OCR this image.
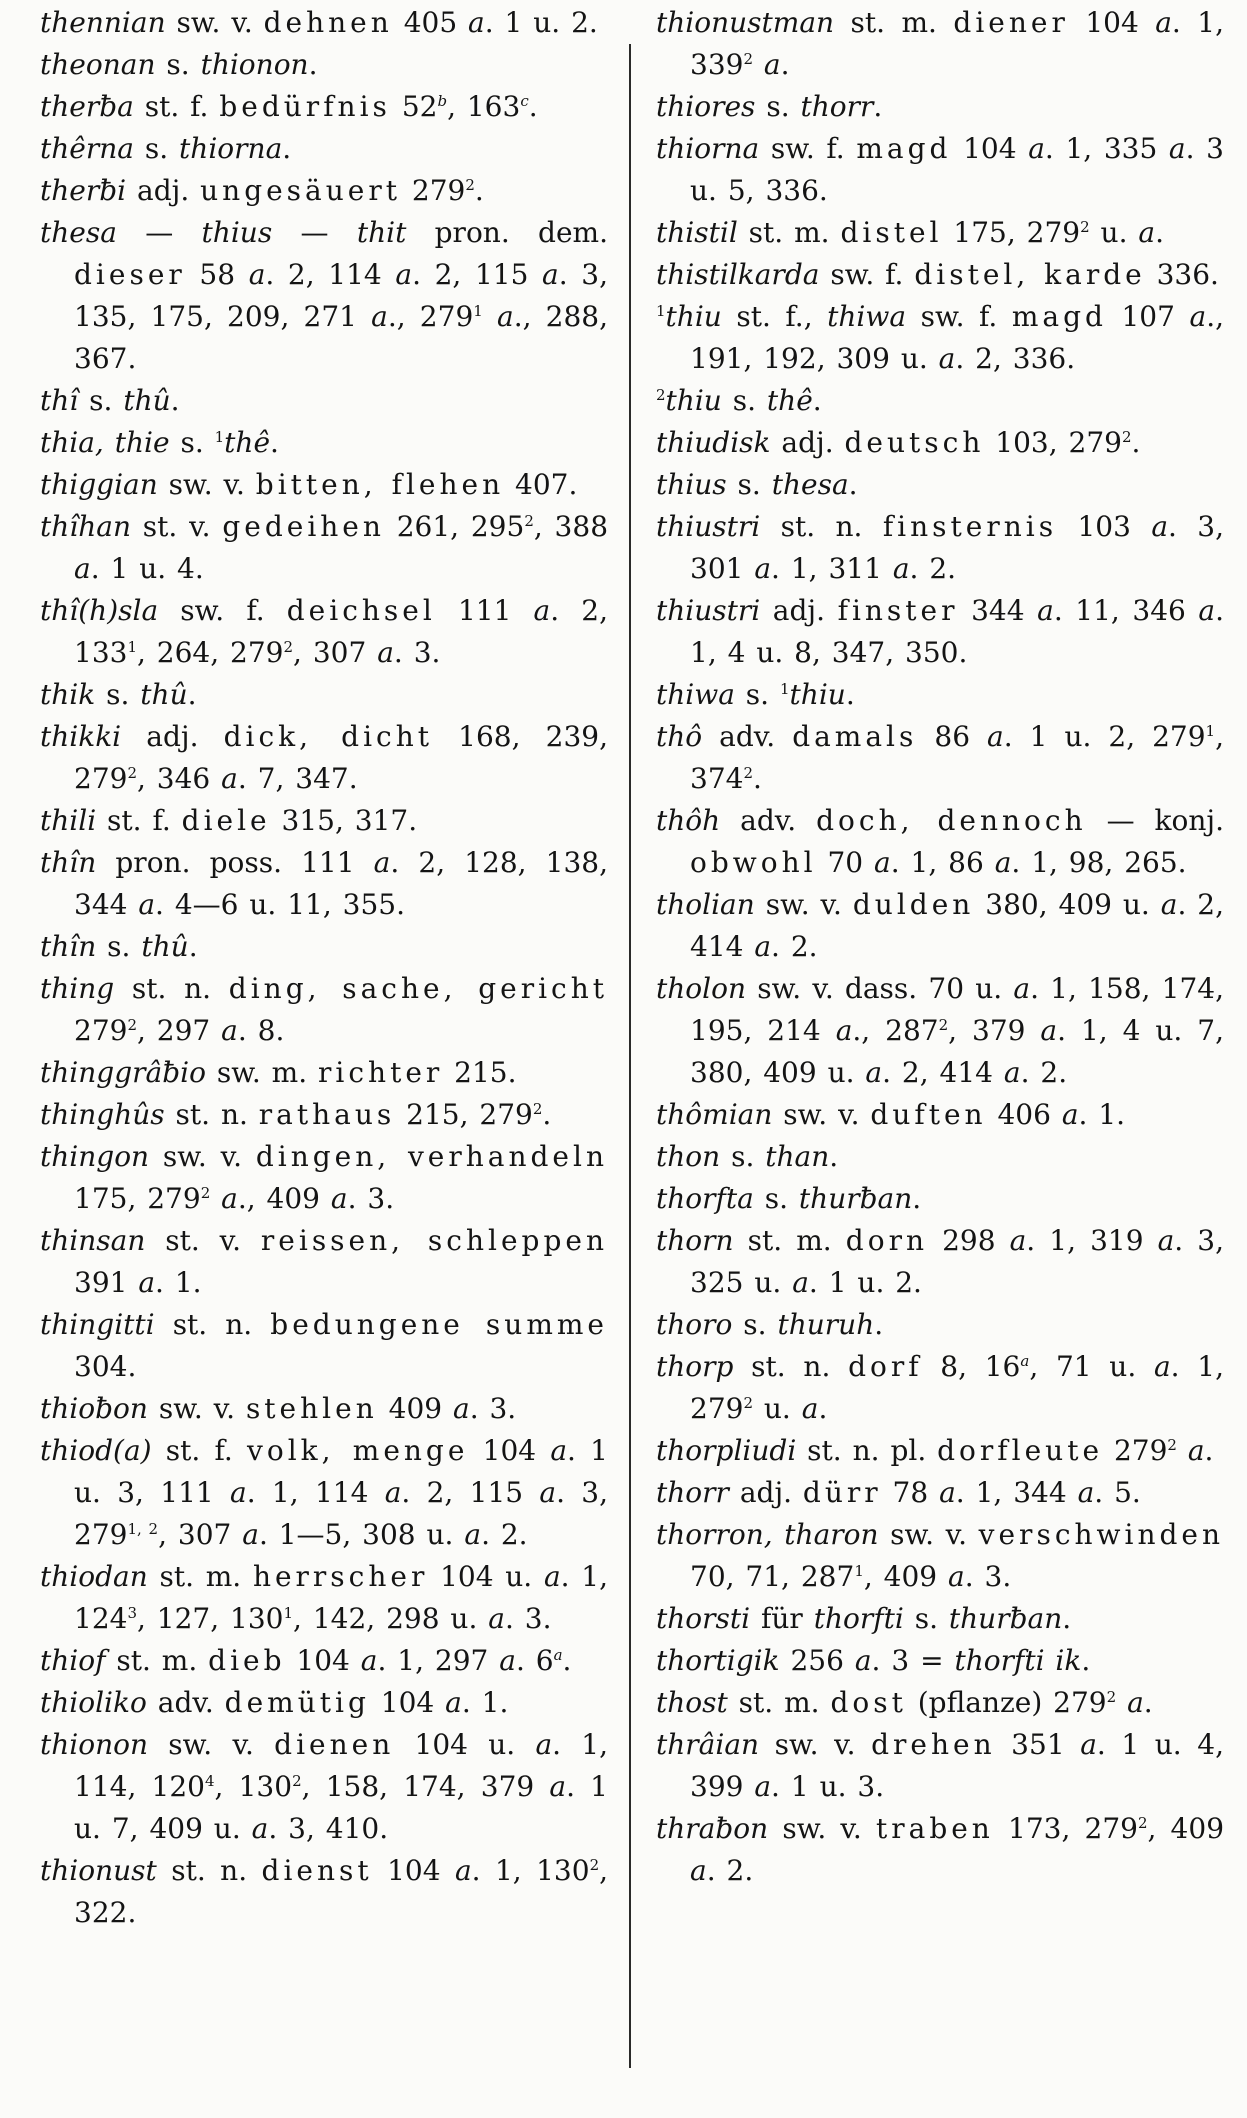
thennian sw. v. dehnen 405 a. 1 u. 2.

theonan s. thionon.

therƀa st. f. bedürfnis 52$^b$, 163$^c$.

thêrna s. thiorna.

therƀi adj. ungesäuert $279^2$.

thesa — thius — thit pron. dem. dieser 58 a. 2, 114 a. 2, 115 a. 3, 135, 175, 209, 271 a., $279^1$ a., 288, 367.

thî s. thû.

thia, thie s. $^1$thê.

thiggian sw. v. bitten, flehen 407.

thîhan st. v. gedeihen 261, $295^2$, 388 a. 1 u. 4.

thî(h)sla sw. f. deichsel 111 a. 2, $133^1$, 264, $279^2$, 307 a. 3.

thik s. thû.

thikki adj. dick, dicht 168, 239, $279^2$, 346 a. 7, 347.

thili st. f. diele 315, 317.

thîn pron. poss. 111 a. 2, 128, 138, 344 a. 4—6 u. 11, 355.

thîn s. thû.

thing st. n. ding, sache, gericht $279^2$, 297 a. 8.

thinggrâƀio sw. m. richter 215.

thinghûs st. n. rathaus 215, $279^2$.

thingon sw. v. dingen, verhandeln 175, $279^2$ a., 409 a. 3.

thinsan st. v. reissen, schleppen 391 a. 1.

thingitti st. n. bedungene summe 304.

thioƀon sw. v. stehlen 409 a. 3.

thiod(a) st. f. volk, menge 104 a. 1 u. 3, 111 a. 1, 114 a. 2, 115 a. 3, 279$^{1, 2}$, 307 a. 1—5, 308 u. a. 2.

thiodan st. m. herrscher 104 u. a. 1, $124^3$, 127, $130^1$, 142, 298 u. a. 3.

thiof st. m. dieb 104 a. 1, 297 a. 6$^a$.

thioliko adv. demütig 104 a. 1.

thionon sw. v. dienen 104 u. a. 1, 114, $120^4$, $130^2$, 158, 174, 379 a. 1 u. 7, 409 u. a. 3, 410.

thionust st. n. dienst 104 a. 1, $130^2$, 322.

thionustman st. m. diener 104 a. 1, $339^2$ a.

thiores s. thorr.

thiorna sw. f. magd 104 a. 1, 335 a. 3 u. 5, 336.

thistil st. m. distel 175, $279^2$ u. a.

thistilkarda sw. f. distel, karde 336.

$^1$thiu st. f., thiwa sw. f. magd 107 a., 191, 192, 309 u. a. 2, 336.

$^2$thiu s. thê.

thiudisk adj. deutsch 103, $279^2$.

thius s. thesa.

thiustri st. n. finsternis 103 a. 3, 301 a. 1, 311 a. 2.

thiustri adj. finster 344 a. 11, 346 a. 1, 4 u. 8, 347, 350.

thiwa s. $^1$thiu.

thô adv. damals 86 a. 1 u. 2, $279^1$, $374^2$.

thôh adv. doch, dennoch — konj. obwohl 70 a. 1, 86 a. 1, 98, 265.

tholian sw. v. dulden 380, 409 u. a. 2, 414 a. 2.

tholon sw. v. dass. 70 u. a. 1, 158, 174, 195, 214 a., $287^2$, 379 a. 1, 4 u. 7, 380, 409 u. a. 2, 414 a. 2.

thômian sw. v. duften 406 a. 1.

thon s. than.

thorfta s. thurƀan.

thorn st. m. dorn 298 a. 1, 319 a. 3, 325 u. a. 1 u. 2.

thoro s. thuruh.

thorp st. n. dorf 8, 16$^a$, 71 u. a. 1, $279^2$ u. a.

thorpliudi st. n. pl. dorfleute $279^2$ a.

thorr adj. dürr 78 a. 1, 344 a. 5.

thorron, tharon sw. v. verschwinden 70, 71, $287^1$, 409 a. 3.

thorsti für thorfti s. thurƀan.

thortigik 256 a. 3 = thorfti ik.

thost st. m. dost (pflanze) $279^2$ a.

thrâian sw. v. drehen 351 a. 1 u. 4, 399 a. 1 u. 3.

thraƀon sw. v. traben 173, $279^2$, 409 a. 2.
